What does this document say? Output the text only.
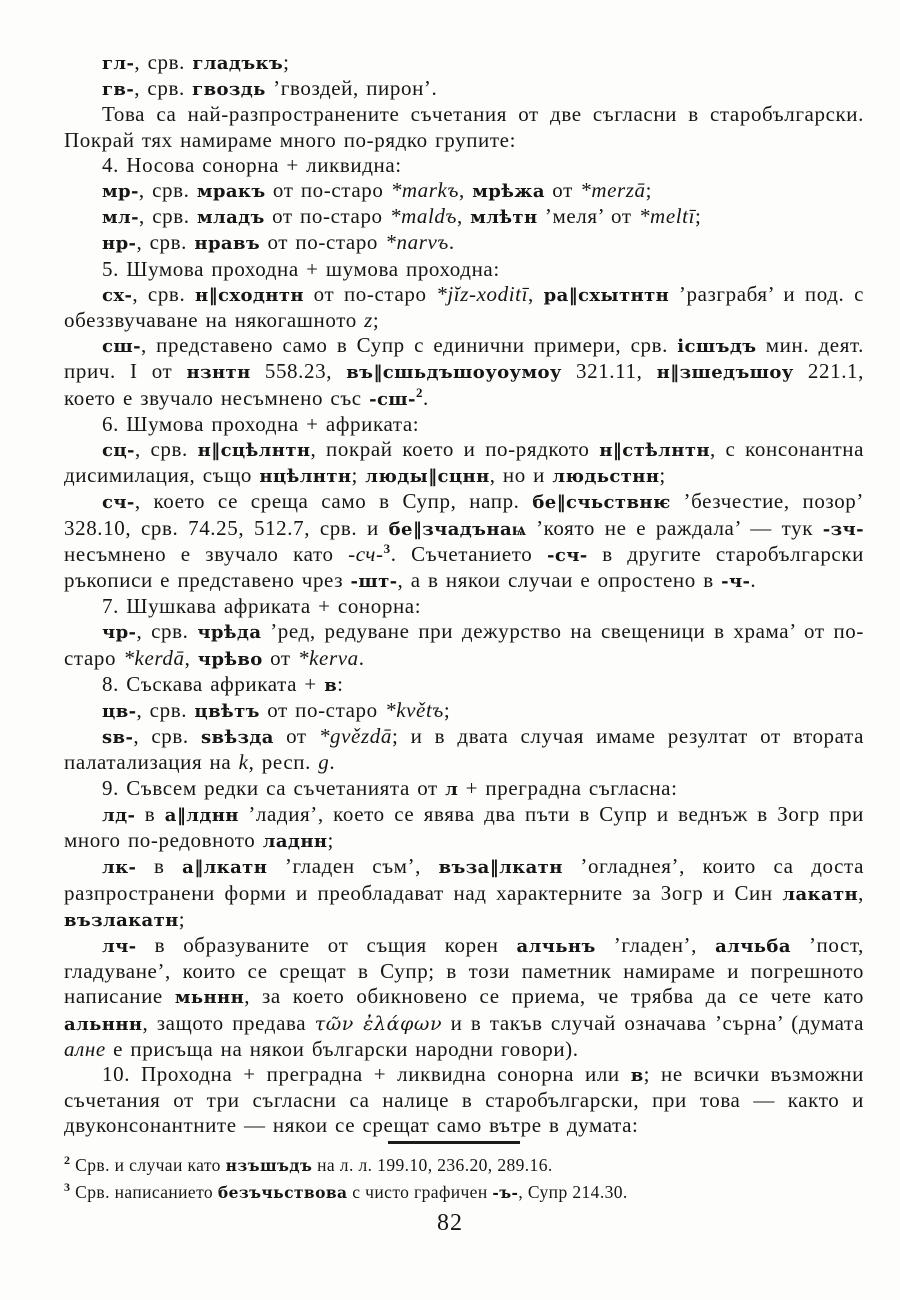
гл-, срв. гладъкъ;

гв-, срв. гвоздь ’гвоздей, пирон’.

Това са най-разпространените съчетания от две съгласни в старобългарски. Покрай тях намираме много по-рядко групите:

4. Носова сонорна + ликвидна:

мр-, срв. мракъ от по-старо *markъ, мрѣжа от *merzā;

мл-, срв. младъ от по-старо *maldъ, млѣтн ’меля’ от *meltī;

нр-, срв. нравъ от по-старо *narvъ.

5. Шумова проходна + шумова проходна:

сх-, срв. н‖сходнтн от по-старо *jĭz-xoditī, ра‖схытнтн ’разграбя’ и под. с обеззвучаване на някогашното z;

сш-, представено само в Супр с единични примери, срв. ісшъдъ мин. деят. прич. I от нзнтн 558.23, въ‖сшьдъшоуоумоу 321.11, н‖зшедъшоу 221.1, което е звучало несъмнено със -сш-$^2$.

6. Шумова проходна + африката:

сц-, срв. н‖сцѣлнтн, покрай което и по-рядкото н‖стѣлнтн, с консонантна дисимилация, също нцѣлнтн; люды‖сцнн, но и людьстнн;

сч-, което се среща само в Супр, напр. бе‖счьствнѥ ’безчестие, позор’ 328.10, срв. 74.25, 512.7, срв. и бе‖зчадънаѩ ’която не е раждала’ — тук -зч- несъмнено е звучало като -сч-$^3$. Съчетанието -сч- в другите старобългарски ръкописи е представено чрез -шт-, а в някои случаи е опростено в -ч-.

7. Шушкава африката + сонорна:

чр-, срв. чрѣда ’ред, редуване при дежурство на свещеници в храма’ от по-старо *kerdā, чрѣво от *kerva.

8. Съскава африката + в:

цв-, срв. цвѣтъ от по-старо *květъ;

ѕв-, срв. ѕвѣзда от *gvězdā; и в двата случая имаме резултат от втората палатализация на k, респ. g.

9. Съвсем редки са съчетанията от л + преградна съгласна:

лд- в а‖лднн ’ладия’, което се явява два пъти в Супр и веднъж в Зогр при много по-редовното ладнн;

лк- в а‖лкатн ’гладен съм’, въза‖лкатн ’огладнея’, които са доста разпространени форми и преобладават над характерните за Зогр и Син лакатн, възлакатн;

лч- в образуваните от същия корен алчьнъ ’гладен’, алчьба ’пост, гладуване’, които се срещат в Супр; в този паметник намираме и погрешното написание мьннн, за което обикновено се приема, че трябва да се чете като альннн, защото предава τῶν ἐλάφων и в такъв случай означава ’сърна’ (думата алне е присъща на някои български народни говори).

10. Проходна + преградна + ликвидна сонорна или в; не всички възможни съчетания от три съгласни са налице в старобългарски, при това — както и двуконсонантните — някои се срещат само вътре в думата:

$^2$ Срв. и случаи като нзъшъдъ на л. л. 199.10, 236.20, 289.16.

$^3$ Срв. написанието безъчьствова с чисто графичен -ъ-, Супр 214.30.

82
